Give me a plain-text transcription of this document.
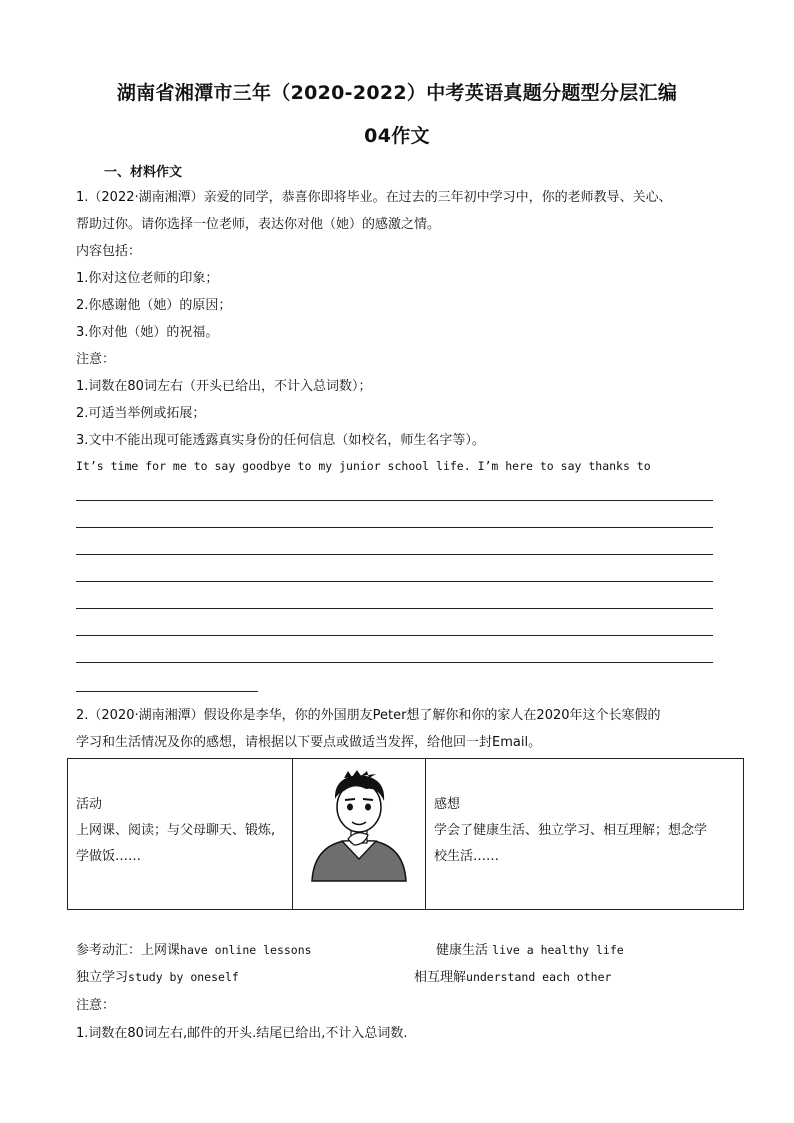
湖南省湘潭市三年（2020-2022）中考英语真题分题型分层汇编
04作文
一、材料作文
1.（2022·湖南湘潭）亲爱的同学，恭喜你即将毕业。在过去的三年初中学习中，你的老师教导、关心、
帮助过你。请你选择一位老师，表达你对他（她）的感激之情。
内容包括：
1.你对这位老师的印象；
2.你感谢他（她）的原因；
3.你对他（她）的祝福。
注意：
1.词数在80词左右（开头已给出，不计入总词数）；
2.可适当举例或拓展；
3.文中不能出现可能透露真实身份的任何信息（如校名，师生名字等）。
It’s time for me to say goodbye to my junior school life. I’m here to say thanks to
2.（2020·湖南湘潭）假设你是李华，你的外国朋友Peter想了解你和你的家人在2020年这个长寒假的
学习和生活情况及你的感想，请根据以下要点或做适当发挥，给他回一封Email。
活动
上网课、阅读；与父母聊天、锻炼,
学做饭……

感想
学会了健康生活、独立学习、相互理解；想念学
校生活……
参考动汇：上网课have online lessons	健康生活 live a healthy life
独立学习study by oneself	相互理解understand each other
注意：
1.词数在80词左右,邮件的开头.结尾已给出,不计入总词数.
